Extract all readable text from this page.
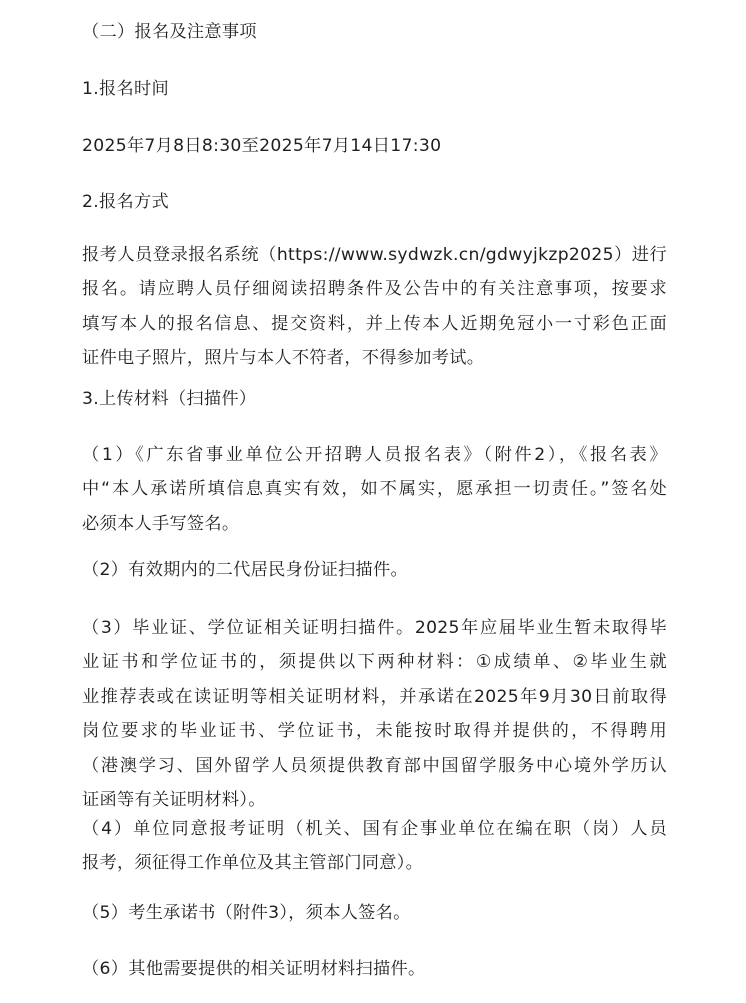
（二）报名及注意事项

1.报名时间

2025年7月8日8:30至2025年7月14日17:30

2.报名方式

报考人员登录报名系统（https://www.sydwzk.cn/gdwyjkzp2025）进行
报名。请应聘人员仔细阅读招聘条件及公告中的有关注意事项，按要求
填写本人的报名信息、提交资料，并上传本人近期免冠小一寸彩色正面
证件电子照片，照片与本人不符者，不得参加考试。

3.上传材料（扫描件）

（1）《广东省事业单位公开招聘人员报名表》（附件2），《报名表》
中“本人承诺所填信息真实有效，如不属实，愿承担一切责任。”签名处
必须本人手写签名。

（2）有效期内的二代居民身份证扫描件。

（3）毕业证、学位证相关证明扫描件。2025年应届毕业生暂未取得毕
业证书和学位证书的，须提供以下两种材料：①成绩单、②毕业生就
业推荐表或在读证明等相关证明材料，并承诺在2025年9月30日前取得
岗位要求的毕业证书、学位证书，未能按时取得并提供的，不得聘用
（港澳学习、国外留学人员须提供教育部中国留学服务中心境外学历认
证函等有关证明材料）。

（4）单位同意报考证明（机关、国有企事业单位在编在职（岗）人员
报考，须征得工作单位及其主管部门同意）。

（5）考生承诺书（附件3），须本人签名。

（6）其他需要提供的相关证明材料扫描件。
